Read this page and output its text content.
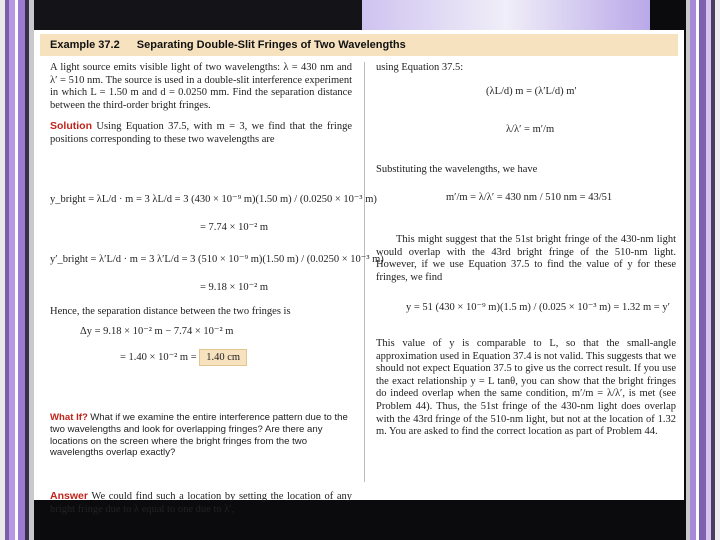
Example 37.2 Separating Double-Slit Fringes of Two Wavelengths

A light source emits visible light of two wavelengths: λ = 430 nm and λ′ = 510 nm. The source is used in a double-slit interference experiment in which L = 1.50 m and d = 0.0250 mm. Find the separation distance between the third-order bright fringes.

Solution Using Equation 37.5, with m = 3, we find that the fringe positions corresponding to these two wavelengths are

y_bright = λL/d · m = 3 λL/d = 3 (430 × 10⁻⁹ m)(1.50 m) / (0.0250 × 10⁻³ m)
= 7.74 × 10⁻² m
y′_bright = λ′L/d · m = 3 λ′L/d = 3 (510 × 10⁻⁹ m)(1.50 m) / (0.0250 × 10⁻³ m)
= 9.18 × 10⁻² m

Hence, the separation distance between the two fringes is

Δy = 9.18 × 10⁻² m − 7.74 × 10⁻² m
= 1.40 × 10⁻² m = 1.40 cm
What If? What if we examine the entire interference pattern due to the two wavelengths and look for overlapping fringes? Are there any locations on the screen where the bright fringes from the two wavelengths overlap exactly?

Answer We could find such a location by setting the location of any bright fringe due to λ equal to one due to λ′,

using Equation 37.5:

(λL/d) m = (λ′L/d) m′
λ/λ′ = m′/m

Substituting the wavelengths, we have

m′/m = λ/λ′ = 430 nm / 510 nm = 43/51

This might suggest that the 51st bright fringe of the 430-nm light would overlap with the 43rd bright fringe of the 510-nm light. However, if we use Equation 37.5 to find the value of y for these fringes, we find

y = 51 (430 × 10⁻⁹ m)(1.5 m) / (0.025 × 10⁻³ m) = 1.32 m = y′

This value of y is comparable to L, so that the small-angle approximation used in Equation 37.4 is not valid. This suggests that we should not expect Equation 37.5 to give us the correct result. If you use the exact relationship y = L tanθ, you can show that the bright fringes do indeed overlap when the same condition, m′/m = λ/λ′, is met (see Problem 44). Thus, the 51st fringe of the 430-nm light does overlap with the 43rd fringe of the 510-nm light, but not at the location of 1.32 m. You are asked to find the correct location as part of Problem 44.
